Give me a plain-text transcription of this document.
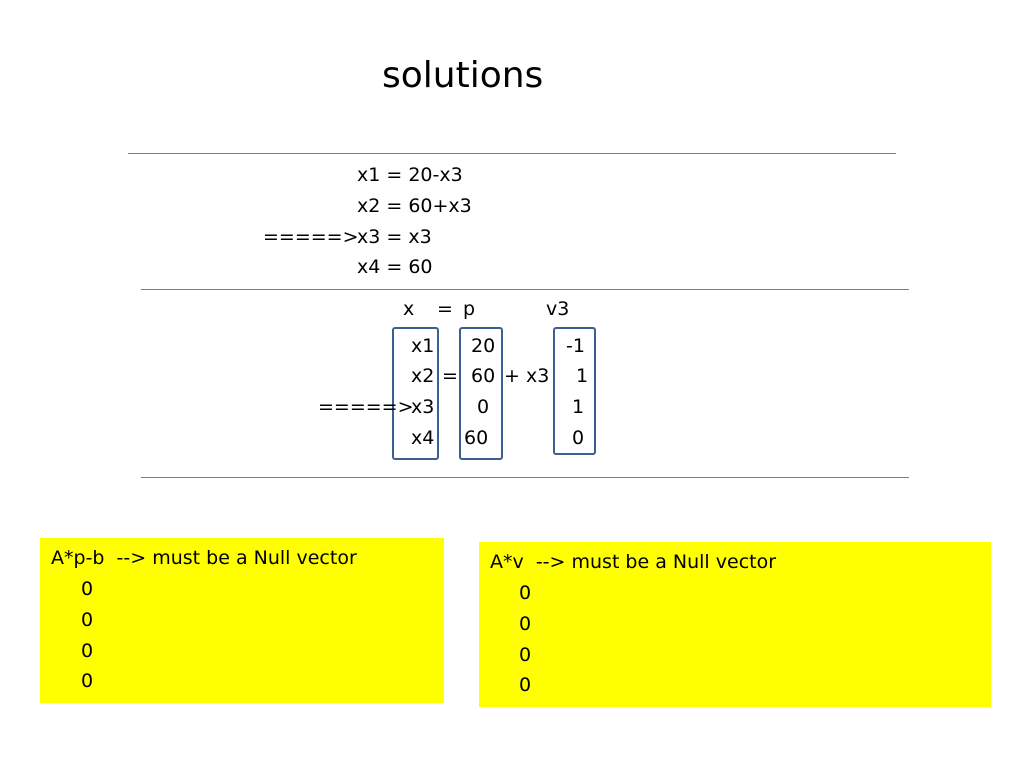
solutions
x1 = 20-x3
x2 = 60+x3
=====>
x3 = x3
x4 = 60
x = p	v3
x1
x2
x3
x4
=
20
60
0
60
+ x3
-1
1
1
0
=====>
A*p-b  --> must be a Null vector
0
0
0
0
A*v  --> must be a Null vector
0
0
0
0
